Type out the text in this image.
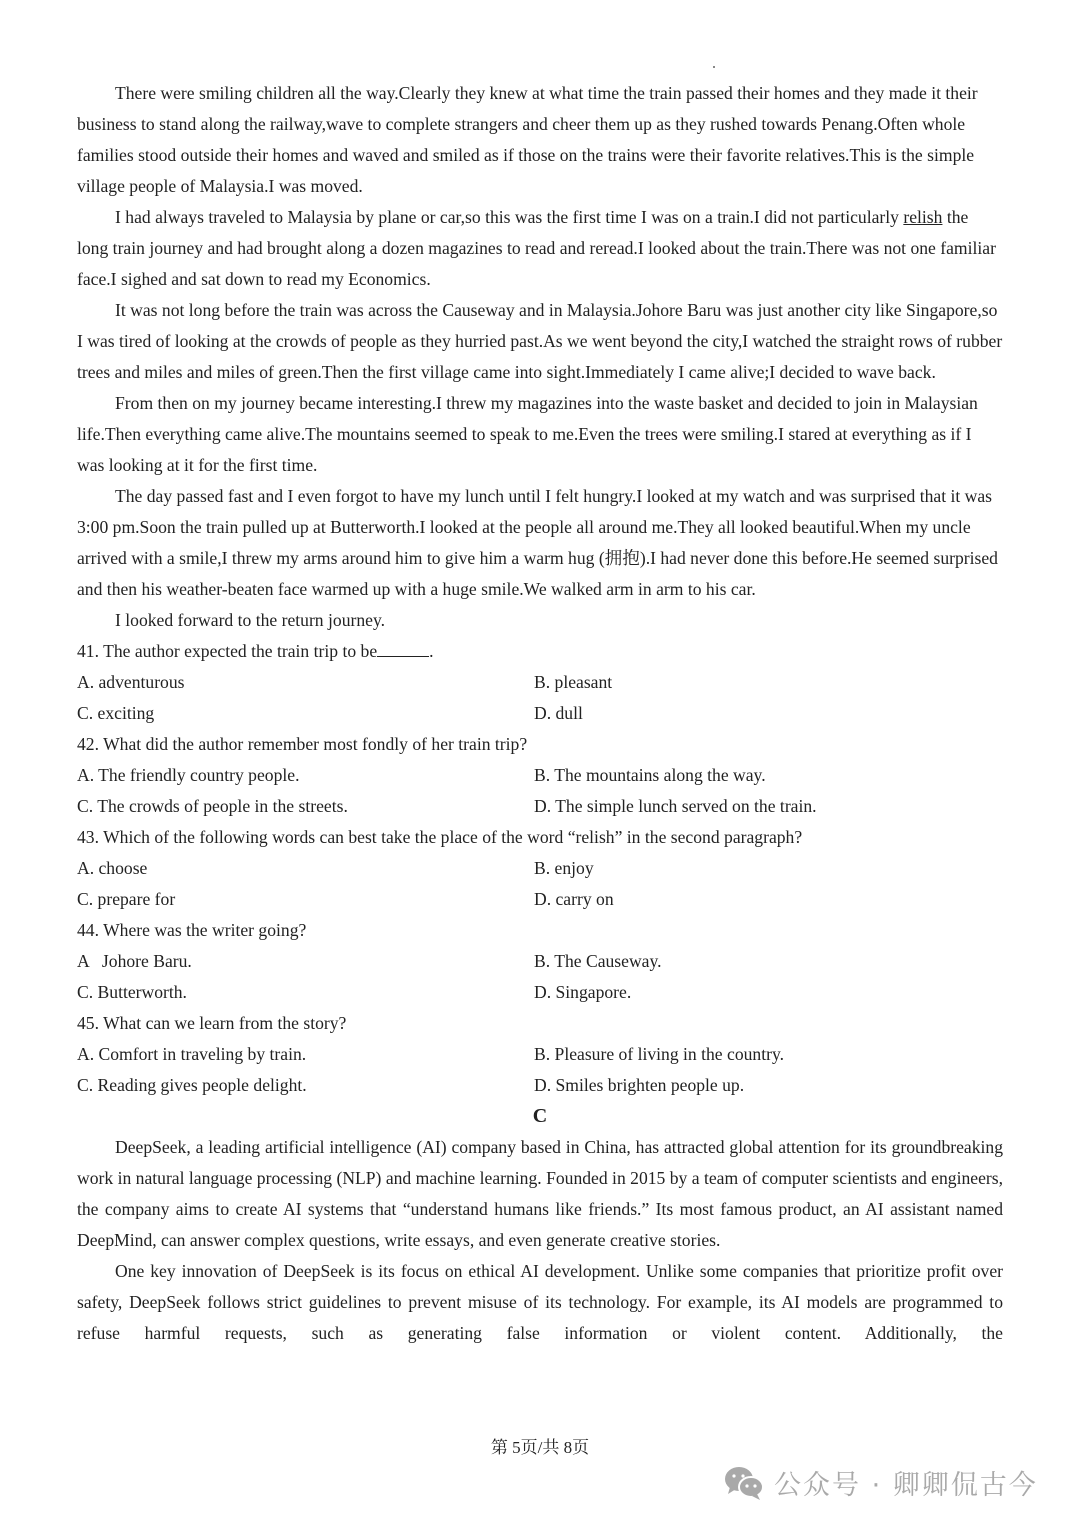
There were smiling children all the way.Clearly they knew at what time the train passed their homes and they made it their business to stand along the railway,wave to complete strangers and cheer them up as they rushed towards Penang.Often whole families stood outside their homes and waved and smiled as if those on the trains were their favorite relatives.This is the simple village people of Malaysia.I was moved.

I had always traveled to Malaysia by plane or car,so this was the first time I was on a train.I did not particularly relish the long train journey and had brought along a dozen magazines to read and reread.I looked about the train.There was not one familiar face.I sighed and sat down to read my Economics.

It was not long before the train was across the Causeway and in Malaysia.Johore Baru was just another city like Singapore,so I was tired of looking at the crowds of people as they hurried past.As we went beyond the city,I watched the straight rows of rubber trees and miles and miles of green.Then the first village came into sight.Immediately I came alive;I decided to wave back.

From then on my journey became interesting.I threw my magazines into the waste basket and decided to join in Malaysian life.Then everything came alive.The mountains seemed to speak to me.Even the trees were smiling.I stared at everything as if I was looking at it for the first time.

The day passed fast and I even forgot to have my lunch until I felt hungry.I looked at my watch and was surprised that it was 3:00 pm.Soon the train pulled up at Butterworth.I looked at the people all around me.They all looked beautiful.When my uncle arrived with a smile,I threw my arms around him to give him a warm hug (拥抱).I had never done this before.He seemed surprised and then his weather-beaten face warmed up with a huge smile.We walked arm in arm to his car.

I looked forward to the return journey.

41. The author expected the train trip to be	.

A. adventurous	B. pleasant
C. exciting	D. dull

42. What did the author remember most fondly of her train trip?

A. The friendly country people.	B. The mountains along the way.
C. The crowds of people in the streets.	D. The simple lunch served on the train.

43. Which of the following words can best take the place of the word “relish” in the second paragraph?

A. choose	B. enjoy
C. prepare for	D. carry on

44. Where was the writer going?

A   Johore Baru.	B. The Causeway.
C. Butterworth.	D. Singapore.

45. What can we learn from the story?

A. Comfort in traveling by train.	B. Pleasure of living in the country.
C. Reading gives people delight.	D. Smiles brighten people up.
C

DeepSeek, a leading artificial intelligence (AI) company based in China, has attracted global attention for its groundbreaking work in natural language processing (NLP) and machine learning. Founded in 2015 by a team of computer scientists and engineers, the company aims to create AI systems that “understand humans like friends.” Its most famous product, an AI assistant named DeepMind, can answer complex questions, write essays, and even generate creative stories.

One key innovation of DeepSeek is its focus on ethical AI development. Unlike some companies that prioritize profit over safety, DeepSeek follows strict guidelines to prevent misuse of its technology. For example, its AI models are programmed to refuse harmful requests, such as generating false information or violent content. Additionally, the

第 5页/共 8页
公众号 · 卿卿侃古今
